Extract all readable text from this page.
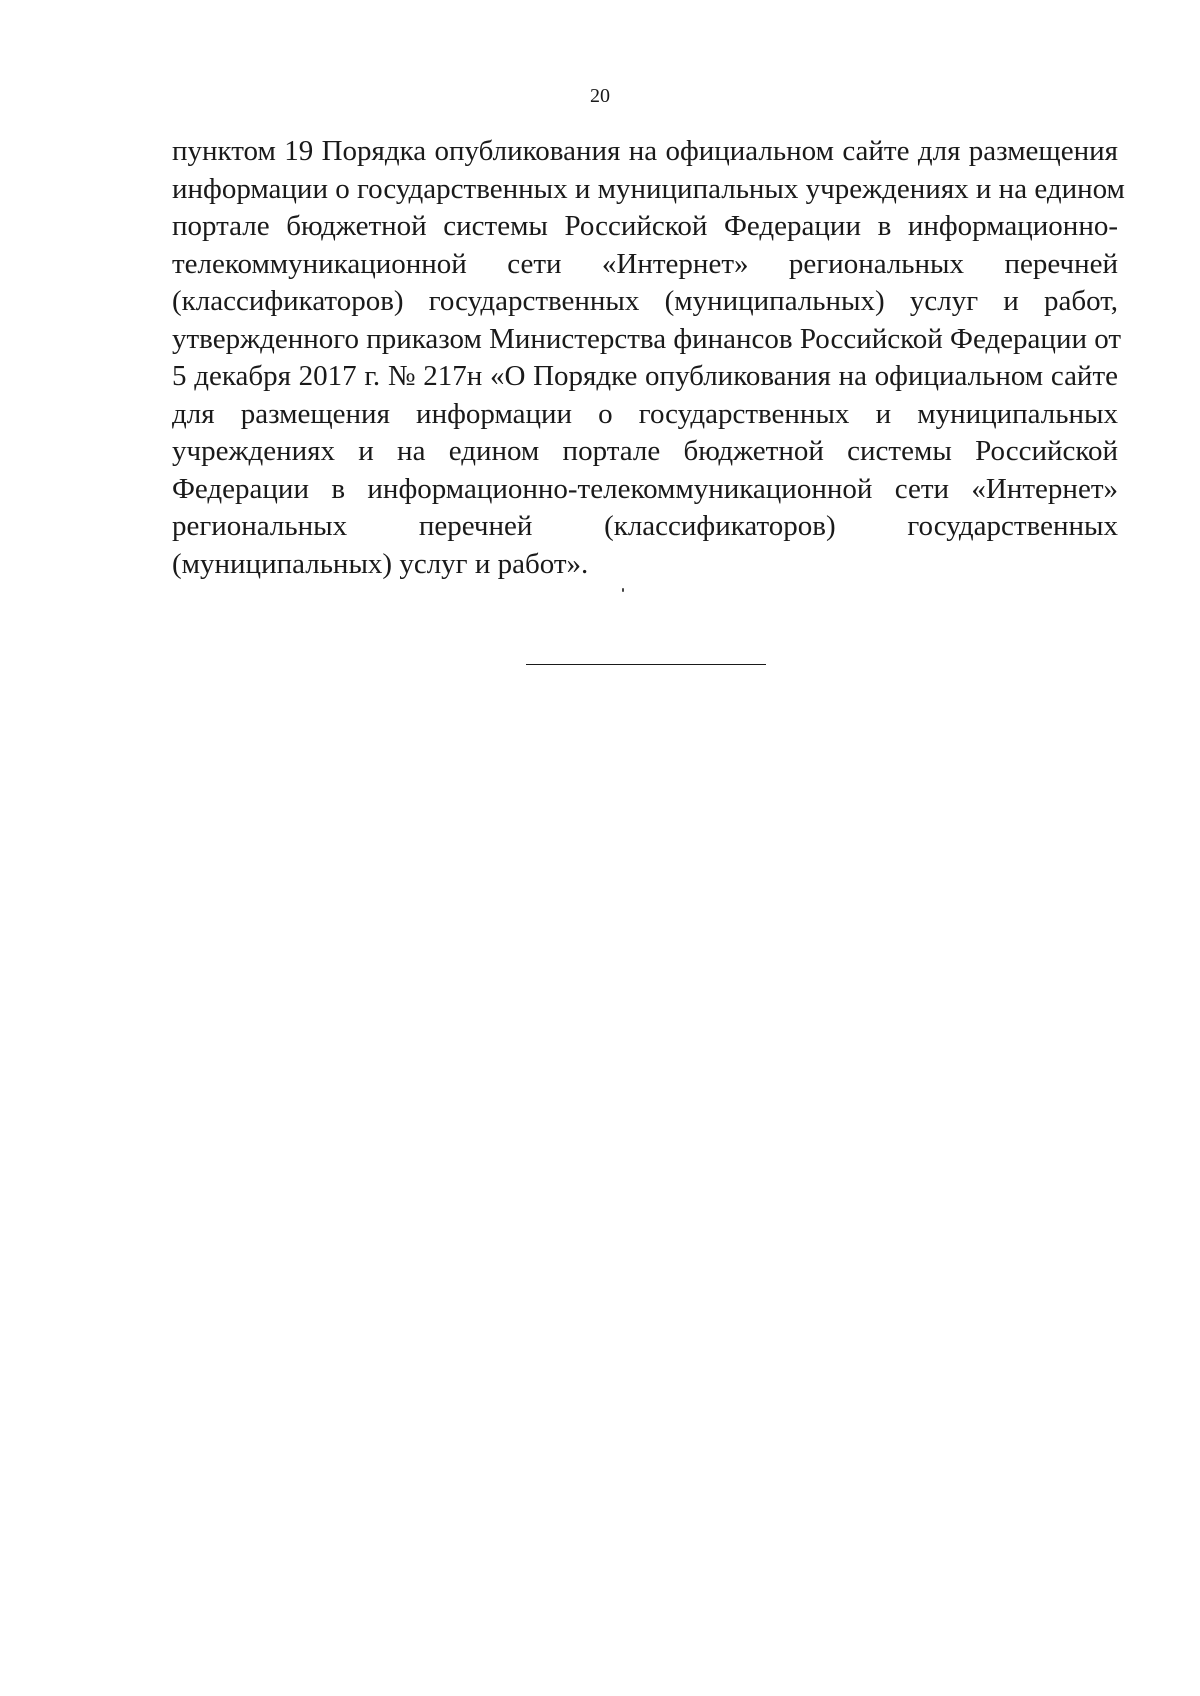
20

пунктом 19 Порядка опубликования на официальном сайте для размещения
информации о государственных и муниципальных учреждениях и на едином
портале бюджетной системы Российской Федерации в информационно-
телекоммуникационной сети «Интернет» региональных перечней
(классификаторов) государственных (муниципальных) услуг и работ,
утвержденного приказом Министерства финансов Российской Федерации от
5 декабря 2017 г. № 217н «О Порядке опубликования на официальном сайте
для размещения информации о государственных и муниципальных
учреждениях и на едином портале бюджетной системы Российской
Федерации в информационно-телекоммуникационной сети «Интернет»
региональных перечней (классификаторов) государственных
(муниципальных) услуг и работ».
